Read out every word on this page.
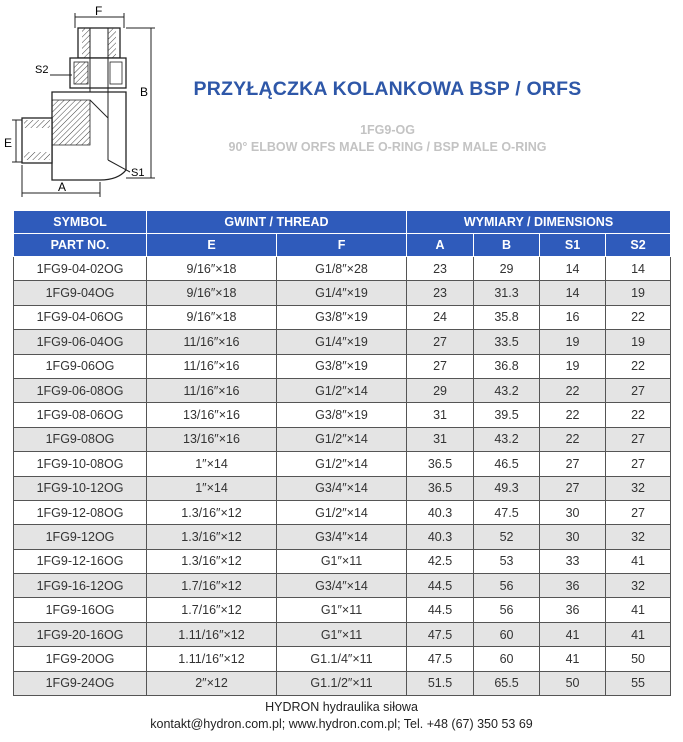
F
E
B
A
S1
S2
PRZYŁĄCZKA KOLANKOWA BSP / ORFS
1FG9-OG
90° ELBOW ORFS MALE O-RING / BSP MALE O-RING
SYMBOL	GWINT / THREAD		WYMIARY / DIMENSIONS			
PART NO.	E	F	A	B	S1	S2
1FG9-04-02OG	9/16″×18	G1/8″×28	23	29	14	14
1FG9-04OG	9/16″×18	G1/4″×19	23	31.3	14	19
1FG9-04-06OG	9/16″×18	G3/8″×19	24	35.8	16	22
1FG9-06-04OG	11/16″×16	G1/4″×19	27	33.5	19	19
1FG9-06OG	11/16″×16	G3/8″×19	27	36.8	19	22
1FG9-06-08OG	11/16″×16	G1/2″×14	29	43.2	22	27
1FG9-08-06OG	13/16″×16	G3/8″×19	31	39.5	22	22
1FG9-08OG	13/16″×16	G1/2″×14	31	43.2	22	27
1FG9-10-08OG	1″×14	G1/2″×14	36.5	46.5	27	27
1FG9-10-12OG	1″×14	G3/4″×14	36.5	49.3	27	32
1FG9-12-08OG	1.3/16″×12	G1/2″×14	40.3	47.5	30	27
1FG9-12OG	1.3/16″×12	G3/4″×14	40.3	52	30	32
1FG9-12-16OG	1.3/16″×12	G1″×11	42.5	53	33	41
1FG9-16-12OG	1.7/16″×12	G3/4″×14	44.5	56	36	32
1FG9-16OG	1.7/16″×12	G1″×11	44.5	56	36	41
1FG9-20-16OG	1.11/16″×12	G1″×11	47.5	60	41	41
1FG9-20OG	1.11/16″×12	G1.1/4″×11	47.5	60	41	50
1FG9-24OG	2″×12	G1.1/2″×11	51.5	65.5	50	55
HYDRON hydraulika siłowa
kontakt@hydron.com.pl; www.hydron.com.pl; Tel. +48 (67) 350 53 69
